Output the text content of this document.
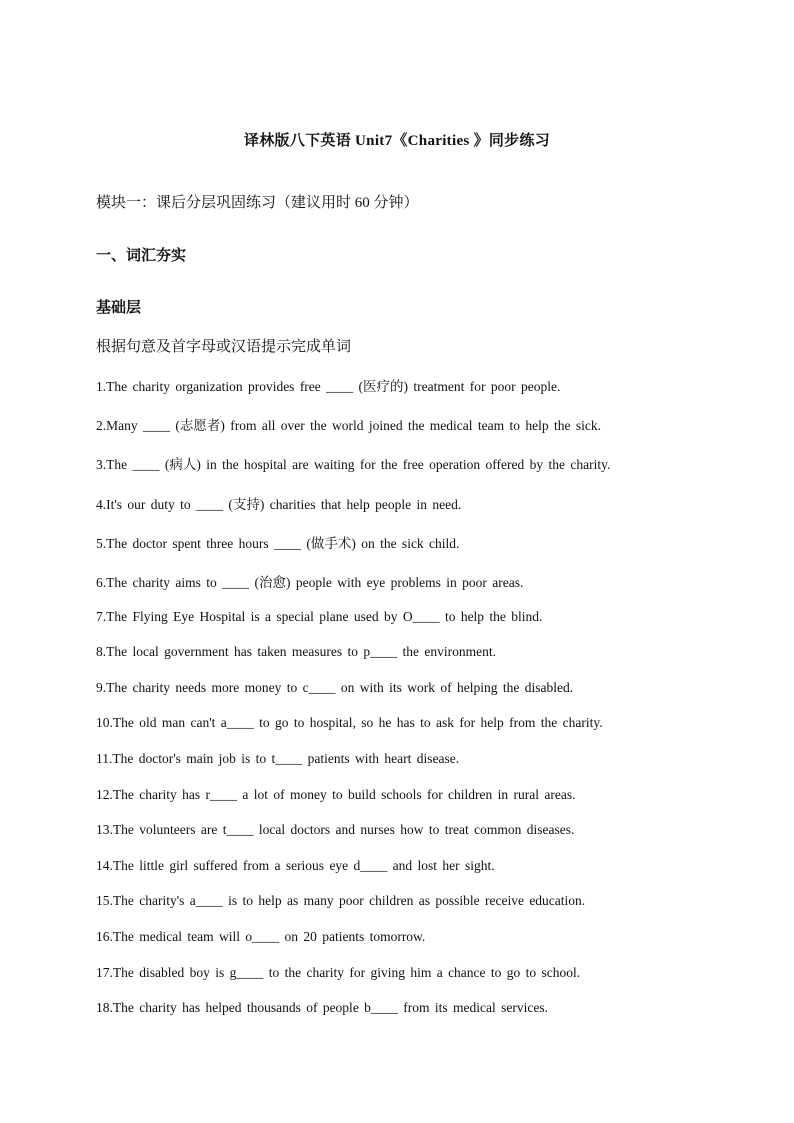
译林版八下英语 Unit7《Charities 》同步练习
模块一：课后分层巩固练习（建议用时 60 分钟）
一、词汇夯实
基础层
根据句意及首字母或汉语提示完成单词
1.The charity organization provides free ____ (医疗的) treatment for poor people.
2.Many ____ (志愿者) from all over the world joined the medical team to help the sick.
3.The ____ (病人) in the hospital are waiting for the free operation offered by the charity.
4.It's our duty to ____ (支持) charities that help people in need.
5.The doctor spent three hours ____ (做手术) on the sick child.
6.The charity aims to ____ (治愈) people with eye problems in poor areas.
7.The Flying Eye Hospital is a special plane used by O____ to help the blind.
8.The local government has taken measures to p____ the environment.
9.The charity needs more money to c____ on with its work of helping the disabled.
10.The old man can't a____ to go to hospital, so he has to ask for help from the charity.
11.The doctor's main job is to t____ patients with heart disease.
12.The charity has r____ a lot of money to build schools for children in rural areas.
13.The volunteers are t____ local doctors and nurses how to treat common diseases.
14.The little girl suffered from a serious eye d____ and lost her sight.
15.The charity's a____ is to help as many poor children as possible receive education.
16.The medical team will o____ on 20 patients tomorrow.
17.The disabled boy is g____ to the charity for giving him a chance to go to school.
18.The charity has helped thousands of people b____ from its medical services.
